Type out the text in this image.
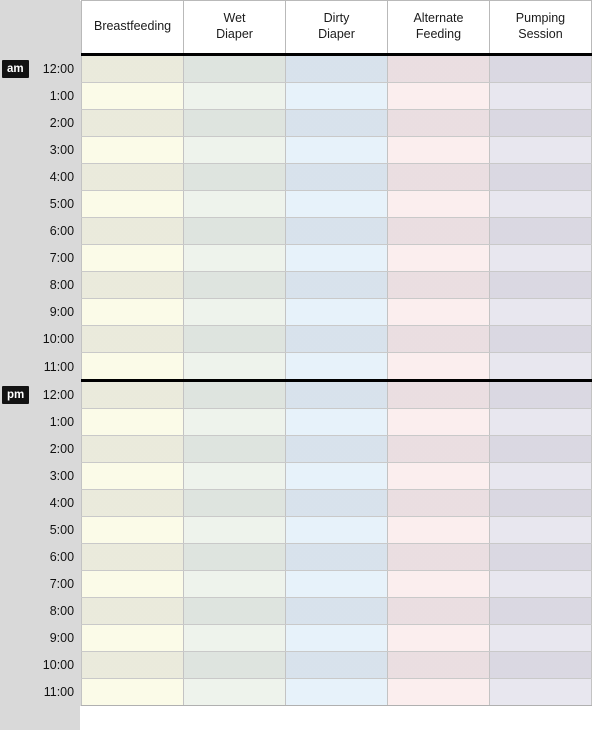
Breastfeeding

Wet
Diaper

Dirty
Diaper

Alternate
Feeding

Pumping
Session

am	12:00					
	1:00					
	2:00					
	3:00					
	4:00					
	5:00					
	6:00					
	7:00					
	8:00					
	9:00					
	10:00					
	11:00					
pm	12:00					
	1:00					
	2:00					
	3:00					
	4:00					
	5:00					
	6:00					
	7:00					
	8:00					
	9:00					
	10:00					
	11:00					
